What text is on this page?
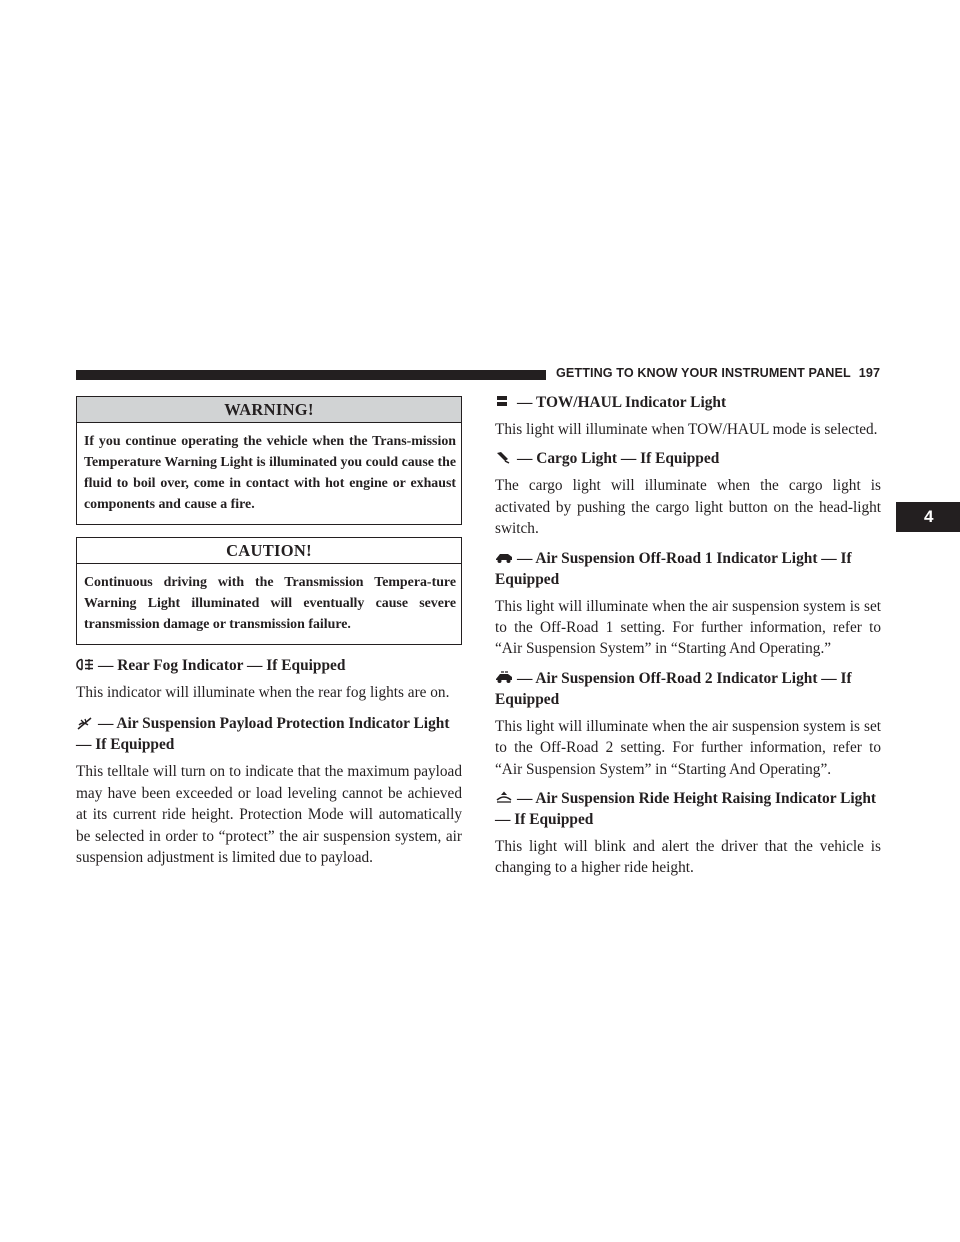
GETTING TO KNOW YOUR INSTRUMENT PANEL 197
4
WARNING!
If you continue operating the vehicle when the Trans-mission Temperature Warning Light is illuminated you could cause the fluid to boil over, come in contact with hot engine or exhaust components and cause a fire.
CAUTION!
Continuous driving with the Transmission Tempera-ture Warning Light illuminated will eventually cause severe transmission damage or transmission failure.

— Rear Fog Indicator — If Equipped

This indicator will illuminate when the rear fog lights are on.

— Air Suspension Payload Protection Indicator Light — If Equipped

This telltale will turn on to indicate that the maximum payload may have been exceeded or load leveling cannot be achieved at its current ride height. Protection Mode will automatically be selected in order to “protect” the air suspension system, air suspension adjustment is limited due to payload.

— TOW/HAUL Indicator Light

This light will illuminate when TOW/HAUL mode is selected.

— Cargo Light — If Equipped

The cargo light will illuminate when the cargo light is activated by pushing the cargo light button on the head-light switch.

— Air Suspension Off-Road 1 Indicator Light — If Equipped

This light will illuminate when the air suspension system is set to the Off-Road 1 setting. For further information, refer to “Air Suspension System” in “Starting And Operating.”

— Air Suspension Off-Road 2 Indicator Light — If Equipped

This light will illuminate when the air suspension system is set to the Off-Road 2 setting. For further information, refer to “Air Suspension System” in “Starting And Operating”.

— Air Suspension Ride Height Raising Indicator Light— If Equipped

This light will blink and alert the driver that the vehicle is changing to a higher ride height.
